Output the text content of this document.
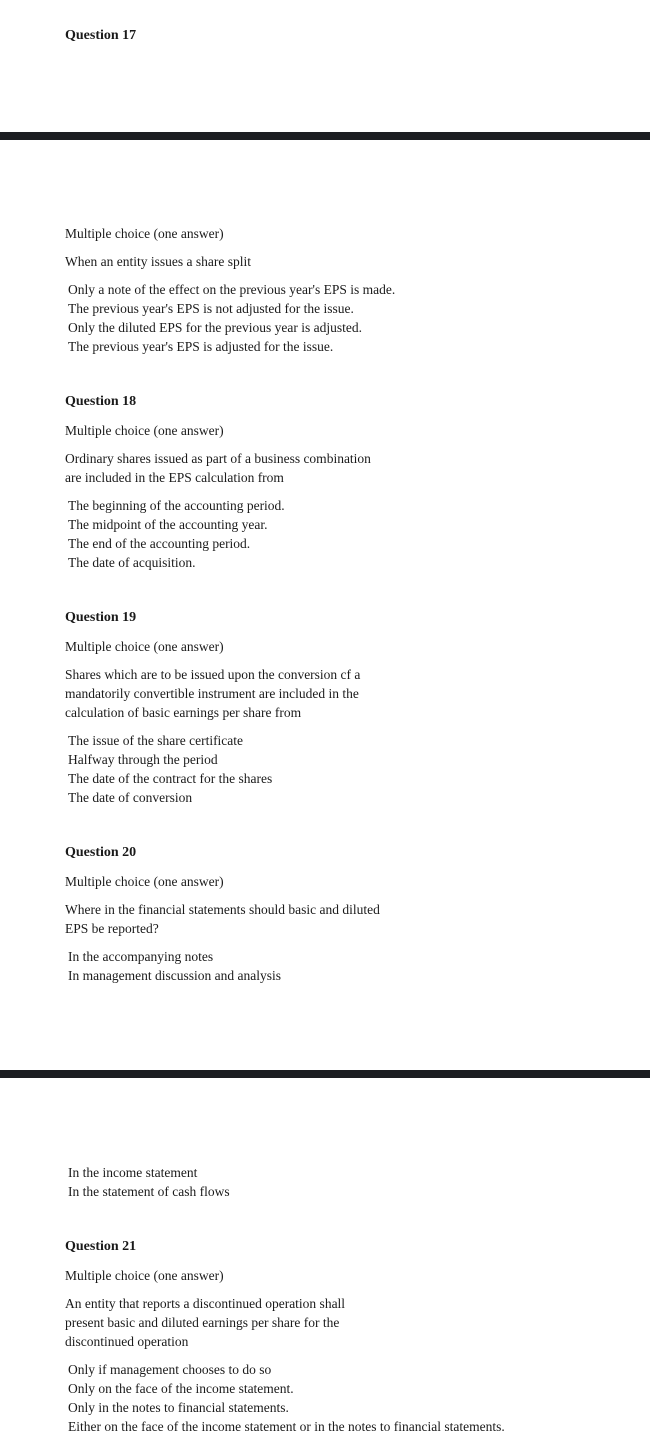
Question 17
Multiple choice (one answer)
When an entity issues a share split
Only a note of the effect on the previous year's EPS is made.
The previous year's EPS is not adjusted for the issue.
Only the diluted EPS for the previous year is adjusted.
The previous year's EPS is adjusted for the issue.
Question 18
Multiple choice (one answer)
Ordinary shares issued as part of a business combination
are included in the EPS calculation from
The beginning of the accounting period.
The midpoint of the accounting year.
The end of the accounting period.
The date of acquisition.
Question 19
Multiple choice (one answer)
Shares which are to be issued upon the conversion cf a
mandatorily convertible instrument are included in the
calculation of basic earnings per share from
The issue of the share certificate
Halfway through the period
The date of the contract for the shares
The date of conversion
Question 20
Multiple choice (one answer)
Where in the financial statements should basic and diluted
EPS be reported?
In the accompanying notes
In management discussion and analysis
In the income statement
In the statement of cash flows
Question 21
Multiple choice (one answer)
An entity that reports a discontinued operation shall
present basic and diluted earnings per share for the
discontinued operation
Only if management chooses to do so
Only on the face of the income statement.
Only in the notes to financial statements.
Either on the face of the income statement or in the notes to financial statements.
